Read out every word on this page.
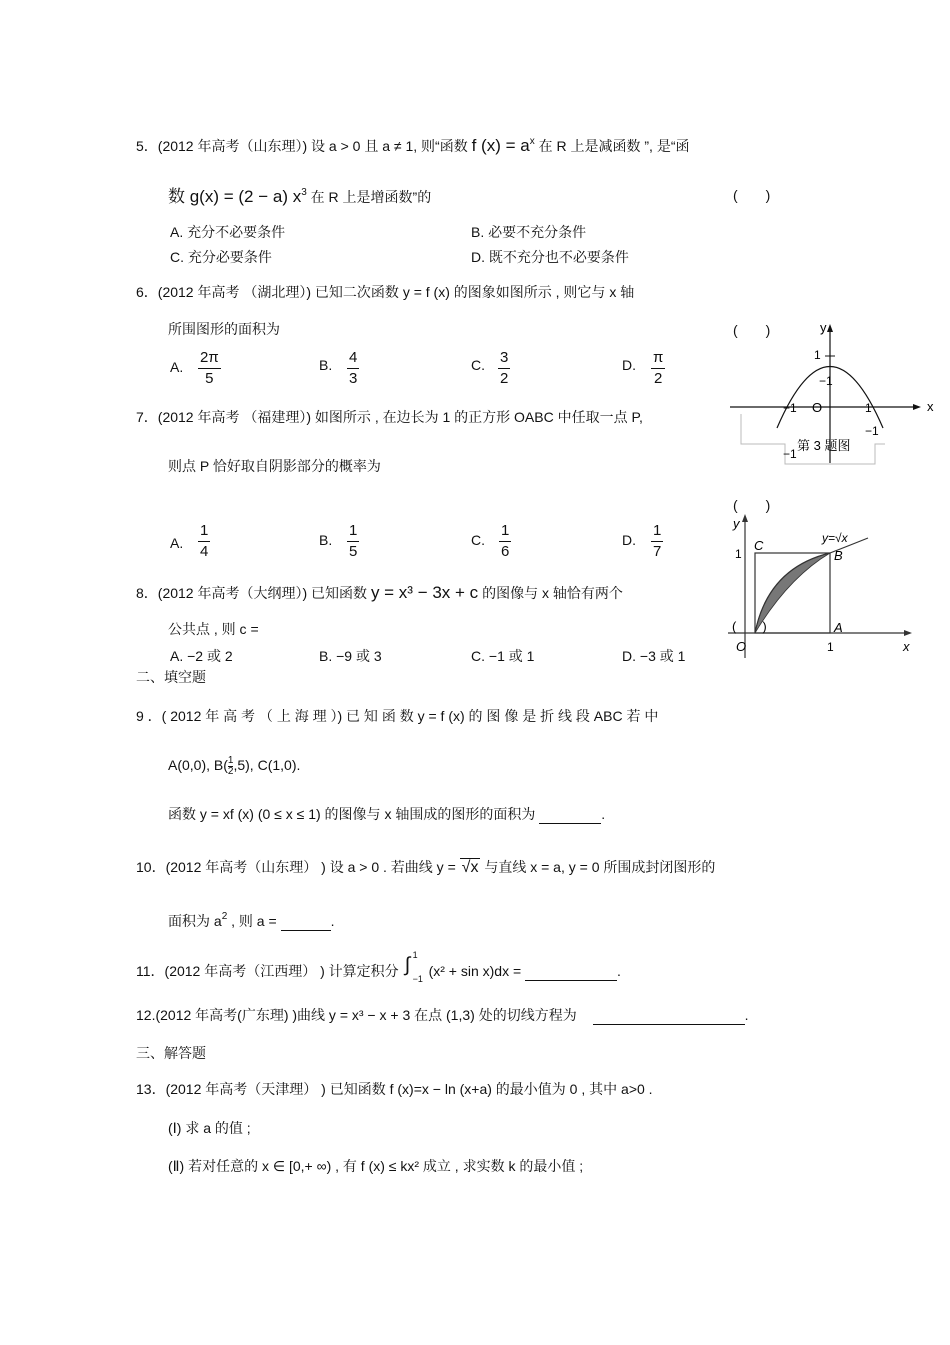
5．(2012 年高考（山东理）) 设 a > 0 且 a ≠ 1, 则“函数 f $(x) = a^x$ 在 R 上是减函数 ”, 是“函
数 g(x) = (2 − a) $x^3$ 在 R 上是增函数”的	(　　)
A. 充分不必要条件	B. 必要不充分条件
C. 充分必要条件	D. 既不充分也不必要条件
6．(2012 年高考 （湖北理）) 已知二次函数 y = f (x) 的图象如图所示 , 则它与 x 轴
所围图形的面积为	(　　)
A. $\frac{2\pi}{5}$	B. $\frac{4}{3}$	C. $\frac{3}{2}$	D. $\frac{\pi}{2}$
y
x
1
−1
−1 O	1
−1
−1
第 3 题图
7．(2012 年高考 （福建理）) 如图所示 , 在边长为 1 的正方形 OABC 中任取一点 P,
则点 P 恰好取自阴影部分的概率为
(　　)
A. $\frac{1}{4}$	B. $\frac{1}{5}$	C. $\frac{1}{6}$	D. $\frac{1}{7}$	y
x
O
C
B
A
1
1
y=√x
(　　)
8．(2012 年高考（大纲理）) 已知函数 y = x³ − 3x + c 的图像与 x 轴恰有两个
公共点 , 则 c =
A. −2 或 2	B. −9 或 3	C. −1 或 1	D. −3 或 1
二、填空题
9 ．( 2012 年 高 考 （ 上 海 理 ）) 已 知 函 数 y = f (x) 的 图 像 是 折 线 段 ABC 若 中
A(0,0), $B( \frac{1}{2} ,5)$, C(1,0).
函数 y = xf (x) (0 ≤ x ≤ 1) 的图像与 x 轴围成的图形的面积为	.
10．(2012 年高考（山东理） ) 设 a > 0 . 若曲线 y = √x 与直线 x = a, y = 0 所围成封闭图形的
面积为 $a^2$ , 则 a =	.
11．(2012 年高考（江西理） ) 计算定积分 ∫ 1
−1 (x² + sin x)dx =	.
12.(2012 年高考(广东理) )曲线 y = x³ − x + 3 在点 (1,3) 处的切线方程为	.
三、解答题
13．(2012 年高考（天津理） ) 已知函数 f (x)=x − ln (x+a) 的最小值为 0 , 其中 a>0 .
(Ⅰ) 求 a 的值 ;
(Ⅱ) 若对任意的 x ∈ [0,+ ∞) , 有 f (x) ≤ kx² 成立 , 求实数 k 的最小值 ;
